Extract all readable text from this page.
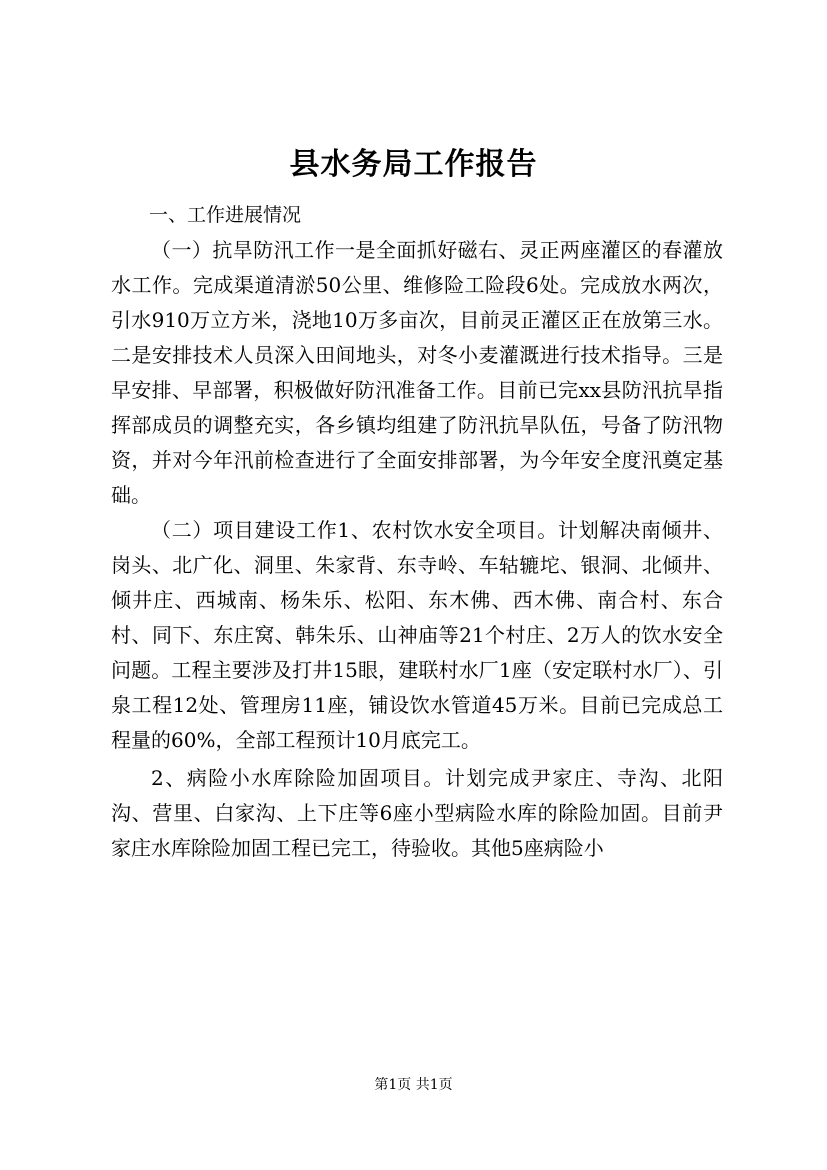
县水务局工作报告

一、工作进展情况

（一）抗旱防汛工作一是全面抓好磁右、灵正两座灌区的春灌放水工作。完成渠道清淤50公里、维修险工险段6处。完成放水两次，引水910万立方米，浇地10万多亩次，目前灵正灌区正在放第三水。二是安排技术人员深入田间地头，对冬小麦灌溉进行技术指导。三是早安排、早部署，积极做好防汛准备工作。目前已完xx县防汛抗旱指挥部成员的调整充实，各乡镇均组建了防汛抗旱队伍，号备了防汛物资，并对今年汛前检查进行了全面安排部署，为今年安全度汛奠定基础。

（二）项目建设工作1、农村饮水安全项目。计划解决南倾井、岗头、北广化、洞里、朱家背、东寺岭、车轱辘坨、银洞、北倾井、倾井庄、西城南、杨朱乐、松阳、东木佛、西木佛、南合村、东合村、同下、东庄窝、韩朱乐、山神庙等21个村庄、2万人的饮水安全问题。工程主要涉及打井15眼，建联村水厂1座（安定联村水厂）、引泉工程12处、管理房11座，铺设饮水管道45万米。目前已完成总工程量的60%，全部工程预计10月底完工。

2、病险小水库除险加固项目。计划完成尹家庄、寺沟、北阳沟、营里、白家沟、上下庄等6座小型病险水库的除险加固。目前尹家庄水库除险加固工程已完工，待验收。其他5座病险小

第1页 共1页
